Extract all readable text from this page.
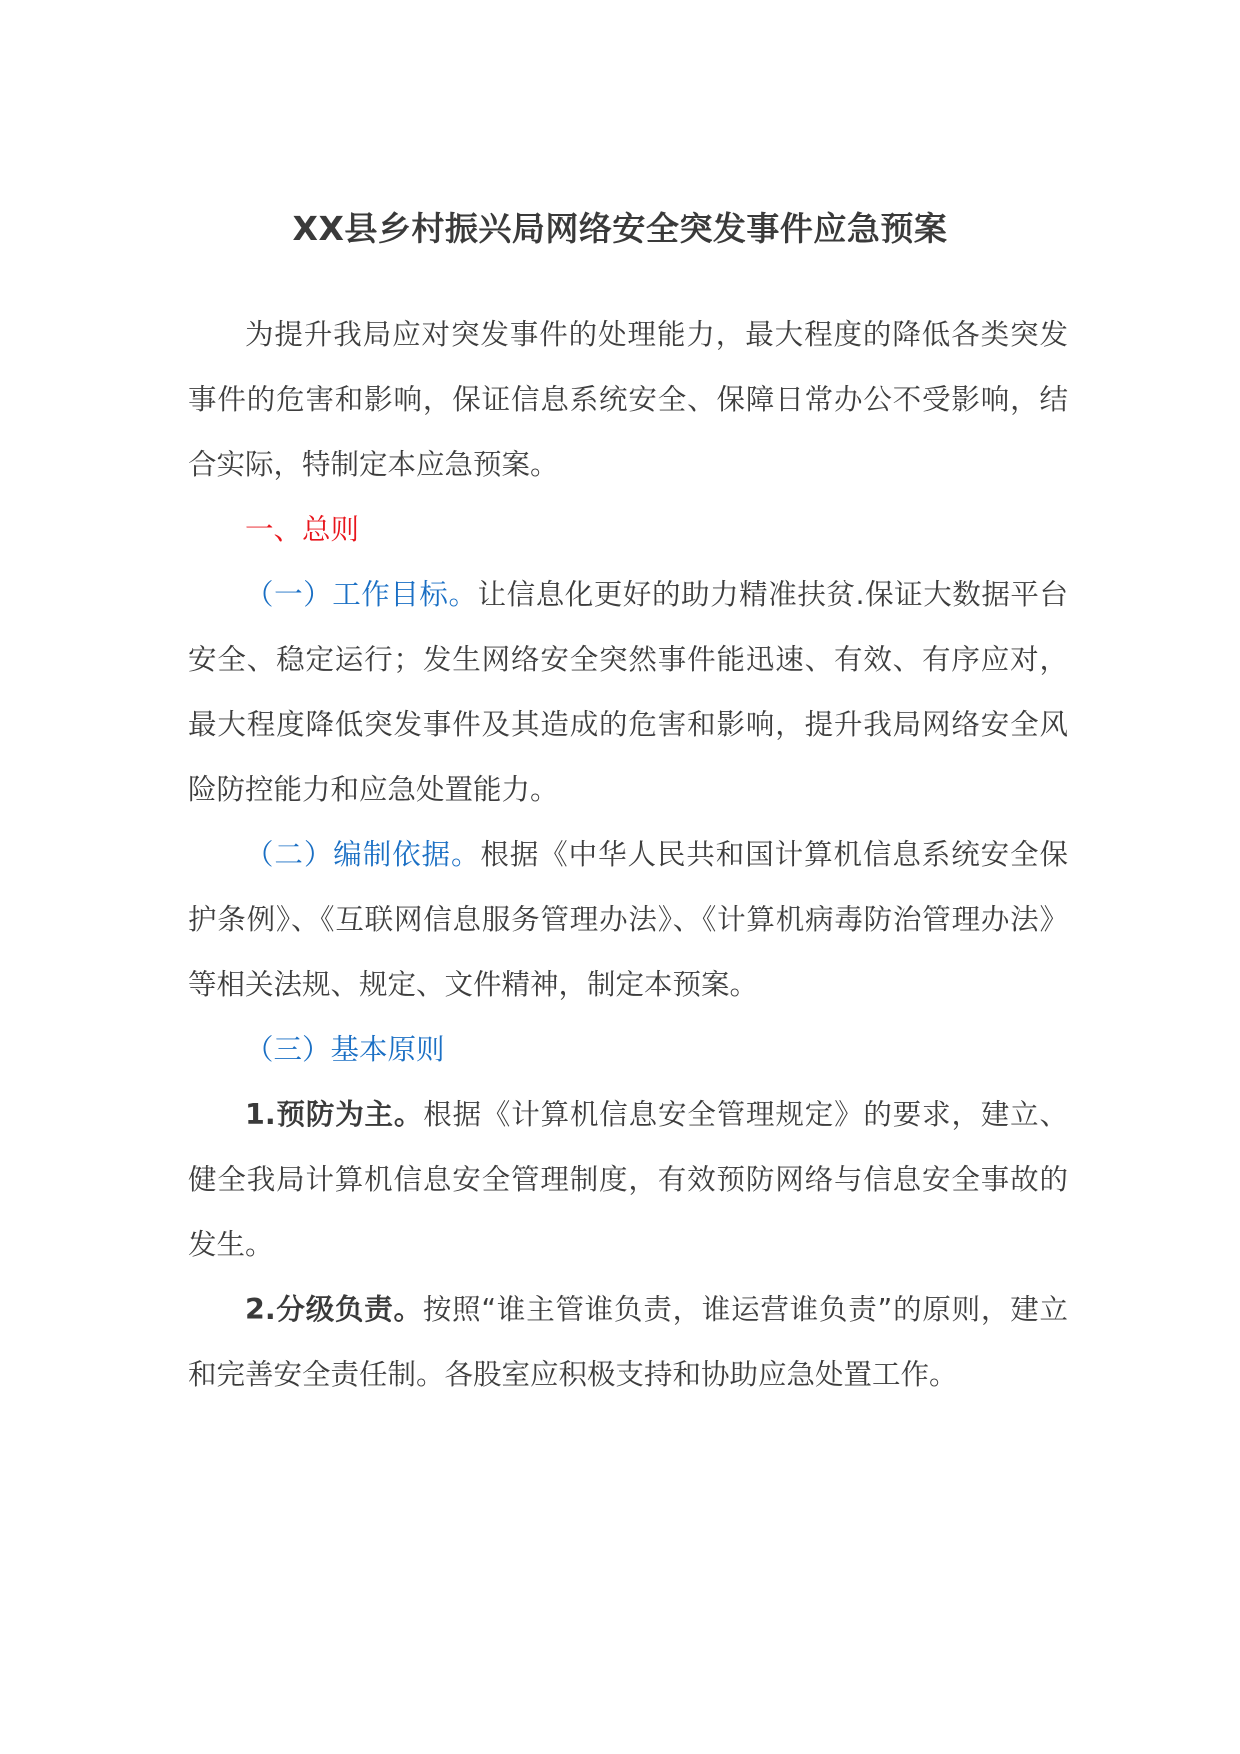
XX县乡村振兴局网络安全突发事件应急预案

为提升我局应对突发事件的处理能力，最大程度的降低各类突发事件的危害和影响，保证信息系统安全、保障日常办公不受影响，结合实际，特制定本应急预案。

一、总则

（一）工作目标。让信息化更好的助力精准扶贫.保证大数据平台安全、稳定运行；发生网络安全突然事件能迅速、有效、有序应对，最大程度降低突发事件及其造成的危害和影响，提升我局网络安全风险防控能力和应急处置能力。

（二）编制依据。根据《中华人民共和国计算机信息系统安全保护条例》、《互联网信息服务管理办法》、《计算机病毒防治管理办法》等相关法规、规定、文件精神，制定本预案。

（三）基本原则

1.预防为主。根据《计算机信息安全管理规定》的要求，建立、健全我局计算机信息安全管理制度，有效预防网络与信息安全事故的发生。

2.分级负责。按照“谁主管谁负责，谁运营谁负责”的原则，建立和完善安全责任制。各股室应积极支持和协助应急处置工作。
